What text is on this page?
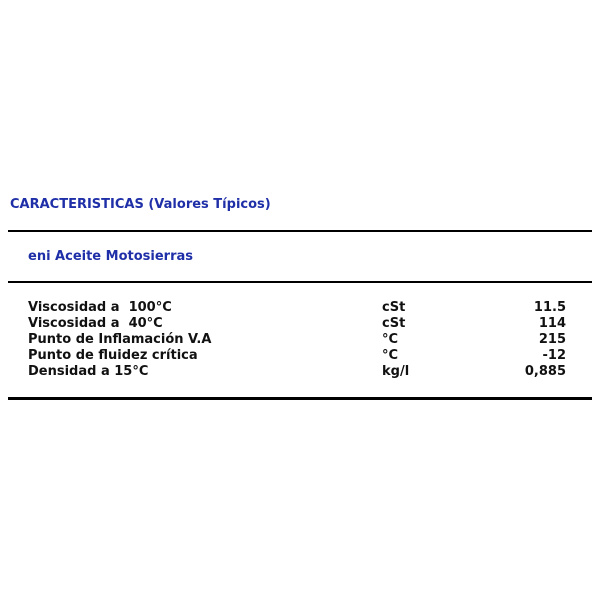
CARACTERISTICAS (Valores Típicos)
eni Aceite Motosierras
Viscosidad a  100°C	cSt	11.5
Viscosidad a  40°C	cSt	114
Punto de Inflamación V.A	°C	215
Punto de fluidez crítica	°C	-12
Densidad a 15°C	kg/l	0,885
